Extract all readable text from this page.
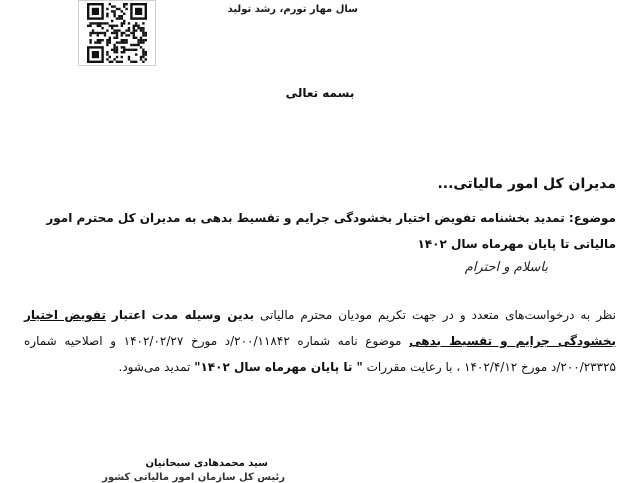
سال مهار تورم، رشد تولید
بسمه تعالی
مدیران کل امور مالیاتی...
موضوع: تمدید بخشنامه تفویض اختیار بخشودگی جرایم و تقسیط بدهی به مدیران کل محترم امور مالیاتی تا پایان مهرماه سال ۱۴۰۲
باسلام و احترام
نظر به درخواست‌های متعدد و در جهت تکریم مودیان محترم مالیاتی بدین وسیله مدت اعتبار تفویض اختیار بخشودگی جرایم و تقسیط بدهی موضوع نامه شماره ۲۰۰/۱۱۸۴۲/د مورخ ۱۴۰۲/۰۲/۲۷ و اصلاحیه شماره ۲۰۰/۲۳۳۲۵/د مورخ ۱۴۰۲/۴/۱۲ ، با رعایت مقررات " تا پایان مهرماه سال ۱۴۰۲" تمدید می‌شود.
سید محمدهادی سبحانیان
رئیس کل سازمان امور مالیاتی کشور
